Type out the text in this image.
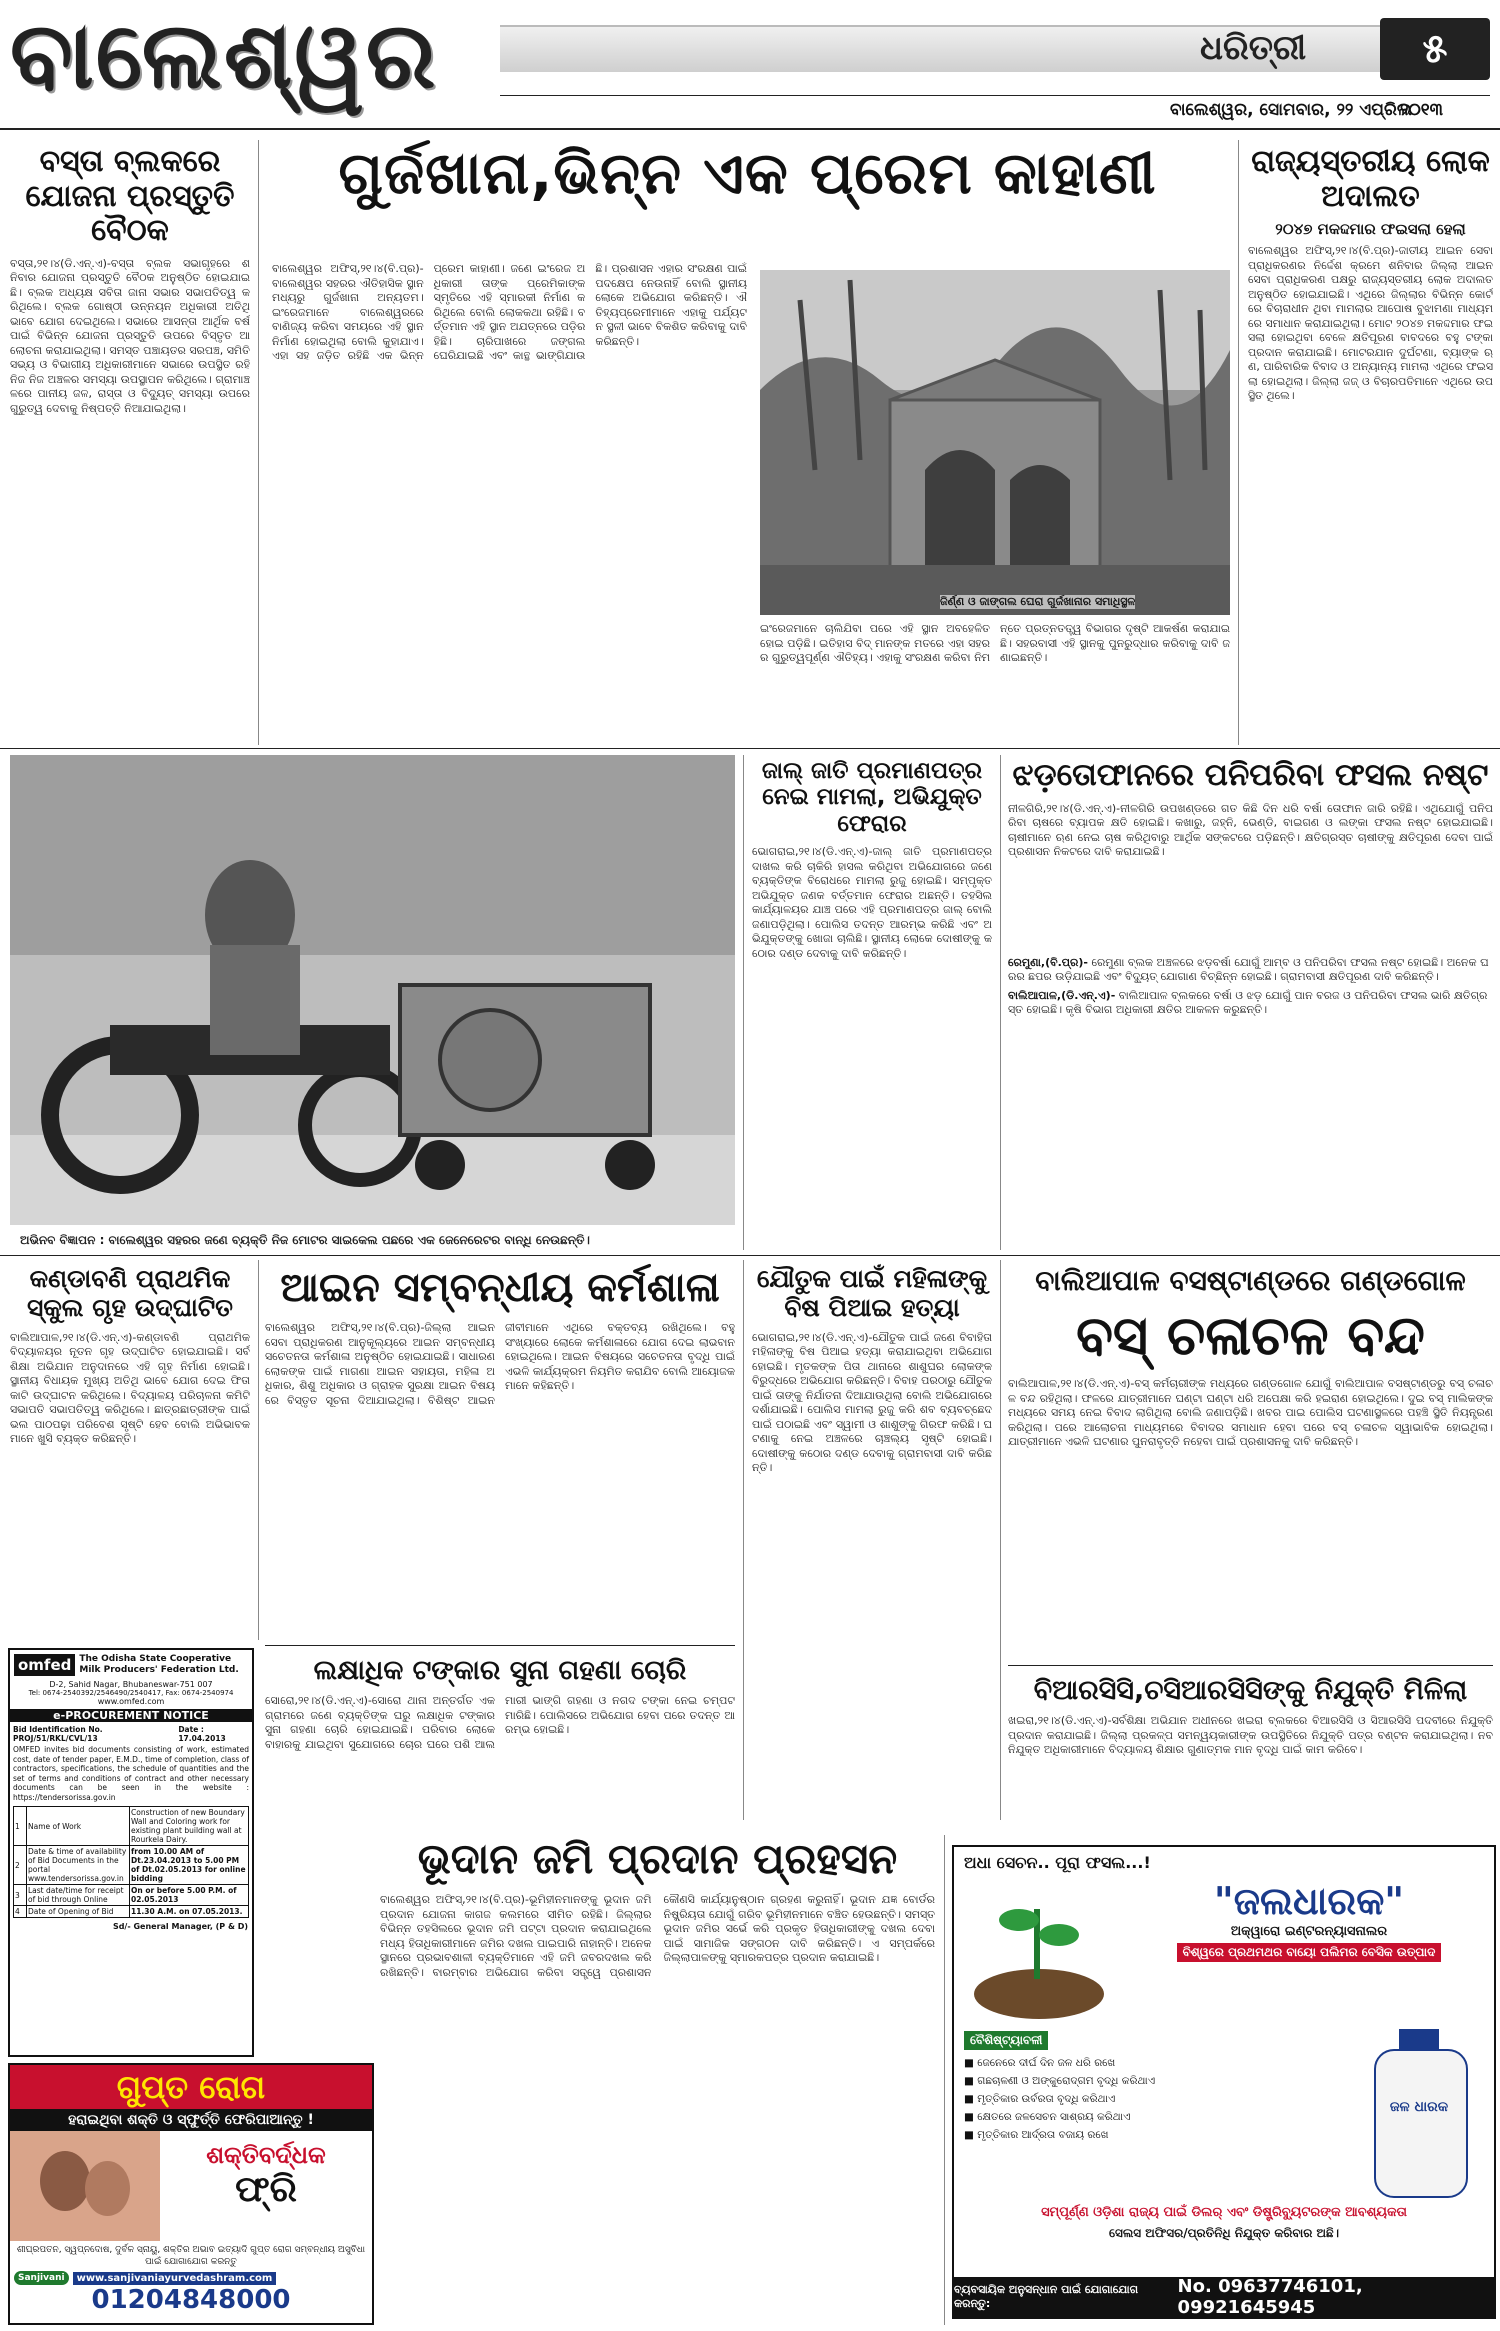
ବାଲେଶ୍ୱର	ଧରିତ୍ରୀ	୫
ବାଲେଶ୍ୱର, ସୋମବାର, ୨୨ ଏପ୍ରିଲ
୨୦୧୩
ବସ୍ତା ବ୍ଲକରେ ଯୋଜନା ପ୍ରସ୍ତୁତି ବୈଠକ
ବସ୍ତା,୨୧।୪(ଡି.ଏନ୍.ଏ)-ବସ୍ତା ବ୍ଲକ ସଭାଗୃହରେ ଶନିବାର ଯୋଜନା ପ୍ରସ୍ତୁତି ବୈଠକ ଅନୁଷ୍ଠିତ ହୋଇଯାଇଛି। ବ୍ଲକ ଅଧ୍ୟକ୍ଷ ସବିତା ଜାନା ସଭାର ସଭାପତିତ୍ୱ କରିଥିଲେ। ବ୍ଲକ ଗୋଷ୍ଠୀ ଉନ୍ନୟନ ଅଧିକାରୀ ଅତିଥି ଭାବେ ଯୋଗ ଦେଇଥିଲେ। ସଭାରେ ଆସନ୍ତା ଆର୍ଥିକ ବର୍ଷ ପାଇଁ ବିଭିନ୍ନ ଯୋଜନା ପ୍ରସ୍ତୁତି ଉପରେ ବିସ୍ତୃତ ଆଲୋଚନା କରାଯାଇଥିଲା। ସମସ୍ତ ପଞ୍ଚାୟତର ସରପଞ୍ଚ, ସମିତି ସଭ୍ୟ ଓ ବିଭାଗୀୟ ଅଧିକାରୀମାନେ ସଭାରେ ଉପସ୍ଥିତ ରହି ନିଜ ନିଜ ଅଞ୍ଚଳର ସମସ୍ୟା ଉପସ୍ଥାପନ କରିଥିଲେ। ଗ୍ରାମାଞ୍ଚଳରେ ପାନୀୟ ଜଳ, ରାସ୍ତା ଓ ବିଦ୍ୟୁତ୍ ସମସ୍ୟା ଉପରେ ଗୁରୁତ୍ୱ ଦେବାକୁ ନିଷ୍ପତ୍ତି ନିଆଯାଇଥିଲା।
ଗୁର୍ଜଖାନା,ଭିନ୍ନ ଏକ ପ୍ରେମ କାହାଣୀ
ବାଲେଶ୍ୱର ଅଫିସ୍,୨୧।୪(ବି.ପ୍ର)-ବାଲେଶ୍ୱର ସହରର ଐତିହାସିକ ସ୍ଥାନ ମଧ୍ୟରୁ ଗୁର୍ଜଖାନା ଅନ୍ୟତମ। ଇଂରେଜମାନେ ବାଲେଶ୍ୱରରେ ବାଣିଜ୍ୟ କରିବା ସମୟରେ ଏହି ସ୍ଥାନ ନିର୍ମାଣ ହୋଇଥିଲା ବୋଲି କୁହାଯାଏ। ଏହା ସହ ଜଡ଼ିତ ରହିଛି ଏକ ଭିନ୍ନ ପ୍ରେମ କାହାଣୀ। ଜଣେ ଇଂରେଜ ଅଧିକାରୀ ତାଙ୍କ ପ୍ରେମିକାଙ୍କ ସ୍ମୃତିରେ ଏହି ସ୍ମାରକୀ ନିର୍ମାଣ କରିଥିଲେ ବୋଲି ଲୋକକଥା ରହିଛି। ବର୍ତ୍ତମାନ ଏହି ସ୍ଥାନ ଅଯତ୍ନରେ ପଡ଼ିରହିଛି। ଚାରିପାଖରେ ଜଙ୍ଗଲ ଘେରିଯାଇଛି ଏବଂ କାନ୍ଥ ଭାଙ୍ଗିଯାଉଛି। ପ୍ରଶାସନ ଏହାର ସଂରକ୍ଷଣ ପାଇଁ ପଦକ୍ଷେପ ନେଉନାହିଁ ବୋଲି ସ୍ଥାନୀୟ ଲୋକେ ଅଭିଯୋଗ କରିଛନ୍ତି। ଐତିହ୍ୟପ୍ରେମୀମାନେ ଏହାକୁ ପର୍ଯ୍ୟଟନ ସ୍ଥଳୀ ଭାବେ ବିକଶିତ କରିବାକୁ ଦାବି କରିଛନ୍ତି।
ଜିର୍ଣ୍ଣ ଓ ଜାଙ୍ଗଲ ଘେରା ଗୁର୍ଜଖାନାର ସମାଧିସ୍ଥଳ
ଇଂରେଜମାନେ ଚାଲିଯିବା ପରେ ଏହି ସ୍ଥାନ ଅବହେଳିତ ହୋଇ ପଡ଼ିଛି। ଇତିହାସ ବିଦ୍ ମାନଙ୍କ ମତରେ ଏହା ସହରର ଗୁରୁତ୍ୱପୂର୍ଣ୍ଣ ଐତିହ୍ୟ। ଏହାକୁ ସଂରକ୍ଷଣ କରିବା ନିମନ୍ତେ ପ୍ରତ୍ନତତ୍ତ୍ୱ ବିଭାଗର ଦୃଷ୍ଟି ଆକର୍ଷଣ କରାଯାଇଛି। ସହରବାସୀ ଏହି ସ୍ଥାନକୁ ପୁନରୁଦ୍ଧାର କରିବାକୁ ଦାବି ଜଣାଇଛନ୍ତି।
ରାଜ୍ୟସ୍ତରୀୟ ଲୋକ ଅଦାଲତ
୨୦୪୭ ମକଦ୍ଦମାର ଫଇସଲା ହେଲା
ବାଲେଶ୍ୱର ଅଫିସ୍,୨୧।୪(ବି.ପ୍ର)-ଜାତୀୟ ଆଇନ ସେବା ପ୍ରାଧିକରଣର ନିର୍ଦ୍ଦେଶ କ୍ରମେ ଶନିବାର ଜିଲ୍ଲା ଆଇନ ସେବା ପ୍ରାଧିକରଣ ପକ୍ଷରୁ ରାଜ୍ୟସ୍ତରୀୟ ଲୋକ ଅଦାଲତ ଅନୁଷ୍ଠିତ ହୋଇଯାଇଛି। ଏଥିରେ ଜିଲ୍ଲାର ବିଭିନ୍ନ କୋର୍ଟରେ ବିଚାରାଧୀନ ଥିବା ମାମଲାର ଆପୋଷ ବୁଝାମଣା ମାଧ୍ୟମରେ ସମାଧାନ କରାଯାଇଥିଲା। ମୋଟ ୨୦୪୭ ମକଦ୍ଦମାର ଫଇସଲା ହୋଇଥିବା ବେଳେ କ୍ଷତିପୂରଣ ବାବଦରେ ବହୁ ଟଙ୍କା ପ୍ରଦାନ କରାଯାଇଛି। ମୋଟରଯାନ ଦୁର୍ଘଟଣା, ବ୍ୟାଙ୍କ ଋଣ, ପାରିବାରିକ ବିବାଦ ଓ ଅନ୍ୟାନ୍ୟ ମାମଲା ଏଥିରେ ଫଇସଲା ହୋଇଥିଲା। ଜିଲ୍ଲା ଜଜ୍ ଓ ବିଚାରପତିମାନେ ଏଥିରେ ଉପସ୍ଥିତ ଥିଲେ।
ଅଭିନବ ବିଜ୍ଞାପନ : ବାଲେଶ୍ୱର ସହରର ଜଣେ ବ୍ୟକ୍ତି ନିଜ ମୋଟର ସାଇକେଲ ପଛରେ ଏକ ଜେନେରେଟର ବାନ୍ଧି ନେଉଛନ୍ତି।
ଜାଲ୍ ଜାତି ପ୍ରମାଣପତ୍ର ନେଇ ମାମଲା, ଅଭିଯୁକ୍ତ ଫେରାର
ଭୋଗରାଇ,୨୧।୪(ଡି.ଏନ୍.ଏ)-ଜାଲ୍ ଜାତି ପ୍ରମାଣପତ୍ର ଦାଖଲ କରି ଚାକିରି ହାସଲ କରିଥିବା ଅଭିଯୋଗରେ ଜଣେ ବ୍ୟକ୍ତିଙ୍କ ବିରୋଧରେ ମାମଲା ରୁଜୁ ହୋଇଛି। ସମ୍ପୃକ୍ତ ଅଭିଯୁକ୍ତ ଜଣକ ବର୍ତ୍ତମାନ ଫେରାର ଅଛନ୍ତି। ତହସିଲ କାର୍ଯ୍ୟାଳୟର ଯାଞ୍ଚ ପରେ ଏହି ପ୍ରମାଣପତ୍ର ଜାଲ୍ ବୋଲି ଜଣାପଡ଼ିଥିଲା। ପୋଲିସ ତଦନ୍ତ ଆରମ୍ଭ କରିଛି ଏବଂ ଅଭିଯୁକ୍ତଙ୍କୁ ଖୋଜା ଚାଲିଛି। ସ୍ଥାନୀୟ ଲୋକେ ଦୋଷୀଙ୍କୁ କଠୋର ଦଣ୍ଡ ଦେବାକୁ ଦାବି କରିଛନ୍ତି।
ଝଡ଼ତୋଫାନରେ ପନିପରିବା ଫସଲ ନଷ୍ଟ
ନୀଳଗିରି,୨୧।୪(ଡି.ଏନ୍.ଏ)-ନୀଳଗିରି ଉପଖଣ୍ଡରେ ଗତ କିଛି ଦିନ ଧରି ବର୍ଷା ତୋଫାନ ଜାରି ରହିଛି। ଏଥିଯୋଗୁଁ ପନିପରିବା ଚାଷରେ ବ୍ୟାପକ କ୍ଷତି ହୋଇଛି। କଖାରୁ, ଜହ୍ନି, ଭେଣ୍ଡି, ବାଇଗଣ ଓ ଲଙ୍କା ଫସଲ ନଷ୍ଟ ହୋଇଯାଇଛି। ଚାଷୀମାନେ ଋଣ ନେଇ ଚାଷ କରିଥିବାରୁ ଆର୍ଥିକ ସଙ୍କଟରେ ପଡ଼ିଛନ୍ତି। କ୍ଷତିଗ୍ରସ୍ତ ଚାଷୀଙ୍କୁ କ୍ଷତିପୂରଣ ଦେବା ପାଇଁ ପ୍ରଶାସନ ନିକଟରେ ଦାବି କରାଯାଇଛି।
ରେମୁଣା,(ବି.ପ୍ର)- ରେମୁଣା ବ୍ଲକ ଅଞ୍ଚଳରେ ଝଡ଼ବର୍ଷା ଯୋଗୁଁ ଆମ୍ବ ଓ ପନିପରିବା ଫସଲ ନଷ୍ଟ ହୋଇଛି। ଅନେକ ଘରର ଛପର ଉଡ଼ିଯାଇଛି ଏବଂ ବିଦ୍ୟୁତ୍ ଯୋଗାଣ ବିଚ୍ଛିନ୍ନ ହୋଇଛି। ଗ୍ରାମବାସୀ କ୍ଷତିପୂରଣ ଦାବି କରିଛନ୍ତି।
ବାଲିଆପାଳ,(ଡି.ଏନ୍.ଏ)- ବାଲିଆପାଳ ବ୍ଲକରେ ବର୍ଷା ଓ ଝଡ଼ ଯୋଗୁଁ ପାନ ବରଜ ଓ ପନିପରିବା ଫସଲ ଭାରି କ୍ଷତିଗ୍ରସ୍ତ ହୋଇଛି। କୃଷି ବିଭାଗ ଅଧିକାରୀ କ୍ଷତିର ଆକଳନ କରୁଛନ୍ତି।
କଣ୍ଡାବଣି ପ୍ରାଥମିକ ସ୍କୁଲ ଗୃହ ଉଦ୍‌ଘାଟିତ
ବାଲିଆପାଳ,୨୧।୪(ଡି.ଏନ୍.ଏ)-କଣ୍ଡାବଣି ପ୍ରାଥମିକ ବିଦ୍ୟାଳୟର ନୂତନ ଗୃହ ଉଦ୍‌ଘାଟିତ ହୋଇଯାଇଛି। ସର୍ବଶିକ୍ଷା ଅଭିଯାନ ଅନୁଦାନରେ ଏହି ଗୃହ ନିର୍ମାଣ ହୋଇଛି। ସ୍ଥାନୀୟ ବିଧାୟକ ମୁଖ୍ୟ ଅତିଥି ଭାବେ ଯୋଗ ଦେଇ ଫିତା କାଟି ଉଦ୍‌ଘାଟନ କରିଥିଲେ। ବିଦ୍ୟାଳୟ ପରିଚାଳନା କମିଟି ସଭାପତି ସଭାପତିତ୍ୱ କରିଥିଲେ। ଛାତ୍ରଛାତ୍ରୀଙ୍କ ପାଇଁ ଭଲ ପାଠପଢ଼ା ପରିବେଶ ସୃଷ୍ଟି ହେବ ବୋଲି ଅଭିଭାବକମାନେ ଖୁସି ବ୍ୟକ୍ତ କରିଛନ୍ତି।
ଆଇନ ସମ୍ବନ୍ଧୀୟ କର୍ମଶାଳା
ବାଲେଶ୍ୱର ଅଫିସ୍,୨୧।୪(ବି.ପ୍ର)-ଜିଲ୍ଲା ଆଇନ ସେବା ପ୍ରାଧିକରଣ ଆନୁକୂଲ୍ୟରେ ଆଇନ ସମ୍ବନ୍ଧୀୟ ସଚେତନତା କର୍ମଶାଳା ଅନୁଷ୍ଠିତ ହୋଇଯାଇଛି। ସାଧାରଣ ଲୋକଙ୍କ ପାଇଁ ମାଗଣା ଆଇନ ସହାୟତା, ମହିଳା ଅଧିକାର, ଶିଶୁ ଅଧିକାର ଓ ଗ୍ରାହକ ସୁରକ୍ଷା ଆଇନ ବିଷୟରେ ବିସ୍ତୃତ ସୂଚନା ଦିଆଯାଇଥିଲା। ବିଶିଷ୍ଟ ଆଇନଜୀବୀମାନେ ଏଥିରେ ବକ୍ତବ୍ୟ ରଖିଥିଲେ। ବହୁ ସଂଖ୍ୟାରେ ଲୋକେ କର୍ମଶାଳାରେ ଯୋଗ ଦେଇ ଲାଭବାନ ହୋଇଥିଲେ। ଆଇନ ବିଷୟରେ ସଚେତନତା ବୃଦ୍ଧି ପାଇଁ ଏଭଳି କାର୍ଯ୍ୟକ୍ରମ ନିୟମିତ କରାଯିବ ବୋଲି ଆୟୋଜକମାନେ କହିଛନ୍ତି।
ଯୌତୁକ ପାଇଁ ମହିଳାଙ୍କୁ ବିଷ ପିଆଇ ହତ୍ୟା
ଭୋଗରାଇ,୨୧।୪(ଡି.ଏନ୍.ଏ)-ଯୌତୁକ ପାଇଁ ଜଣେ ବିବାହିତା ମହିଳାଙ୍କୁ ବିଷ ପିଆଇ ହତ୍ୟା କରାଯାଇଥିବା ଅଭିଯୋଗ ହୋଇଛି। ମୃତକଙ୍କ ପିତା ଥାନାରେ ଶାଶୁଘର ଲୋକଙ୍କ ବିରୁଦ୍ଧରେ ଅଭିଯୋଗ କରିଛନ୍ତି। ବିବାହ ପରଠାରୁ ଯୌତୁକ ପାଇଁ ତାଙ୍କୁ ନିର୍ଯାତନା ଦିଆଯାଉଥିଲା ବୋଲି ଅଭିଯୋଗରେ ଦର୍ଶାଯାଇଛି। ପୋଲିସ ମାମଲା ରୁଜୁ କରି ଶବ ବ୍ୟବଚ୍ଛେଦ ପାଇଁ ପଠାଇଛି ଏବଂ ସ୍ୱାମୀ ଓ ଶାଶୁଙ୍କୁ ଗିରଫ କରିଛି। ଘଟଣାକୁ ନେଇ ଅଞ୍ଚଳରେ ଚାଞ୍ଚଲ୍ୟ ସୃଷ୍ଟି ହୋଇଛି। ଦୋଷୀଙ୍କୁ କଠୋର ଦଣ୍ଡ ଦେବାକୁ ଗ୍ରାମବାସୀ ଦାବି କରିଛନ୍ତି।
ବାଲିଆପାଳ ବସଷ୍ଟାଣ୍ଡରେ ଗଣ୍ଡଗୋଳ
ବସ୍ ଚଳାଚଳ ବନ୍ଦ
ବାଲିଆପାଳ,୨୧।୪(ଡି.ଏନ୍.ଏ)-ବସ୍ କର୍ମଚାରୀଙ୍କ ମଧ୍ୟରେ ଗଣ୍ଡଗୋଳ ଯୋଗୁଁ ବାଲିଆପାଳ ବସଷ୍ଟାଣ୍ଡରୁ ବସ୍ ଚଳାଚଳ ବନ୍ଦ ରହିଥିଲା। ଫଳରେ ଯାତ୍ରୀମାନେ ଘଣ୍ଟା ଘଣ୍ଟା ଧରି ଅପେକ୍ଷା କରି ହଇରାଣ ହୋଇଥିଲେ। ଦୁଇ ବସ୍ ମାଲିକଙ୍କ ମଧ୍ୟରେ ସମୟ ନେଇ ବିବାଦ ଲାଗିଥିଲା ବୋଲି ଜଣାପଡ଼ିଛି। ଖବର ପାଇ ପୋଲିସ ଘଟଣାସ୍ଥଳରେ ପହଞ୍ଚି ସ୍ଥିତି ନିୟନ୍ତ୍ରଣ କରିଥିଲା। ପରେ ଆଲୋଚନା ମାଧ୍ୟମରେ ବିବାଦର ସମାଧାନ ହେବା ପରେ ବସ୍ ଚଳାଚଳ ସ୍ୱାଭାବିକ ହୋଇଥିଲା। ଯାତ୍ରୀମାନେ ଏଭଳି ଘଟଣାର ପୁନରାବୃତ୍ତି ନହେବା ପାଇଁ ପ୍ରଶାସନକୁ ଦାବି କରିଛନ୍ତି।
ଲକ୍ଷାଧିକ ଟଙ୍କାର ସୁନା ଗହଣା ଚୋରି
ସୋରୋ,୨୧।୪(ଡି.ଏନ୍.ଏ)-ସୋରୋ ଥାନା ଅନ୍ତର୍ଗତ ଏକ ଗ୍ରାମରେ ଜଣେ ବ୍ୟକ୍ତିଙ୍କ ଘରୁ ଲକ୍ଷାଧିକ ଟଙ୍କାର ସୁନା ଗହଣା ଚୋରି ହୋଇଯାଇଛି। ପରିବାର ଲୋକେ ବାହାରକୁ ଯାଇଥିବା ସୁଯୋଗରେ ଚୋର ଘରେ ପଶି ଆଲମାରୀ ଭାଙ୍ଗି ଗହଣା ଓ ନଗଦ ଟଙ୍କା ନେଇ ଚମ୍ପଟ ମାରିଛି। ପୋଲିସରେ ଅଭିଯୋଗ ହେବା ପରେ ତଦନ୍ତ ଆରମ୍ଭ ହୋଇଛି।
ବିଆରସିସି,ଚସିଆରସିସିଙ୍କୁ ନିଯୁକ୍ତି ମିଳିଲା
ଖଇରା,୨୧।୪(ଡି.ଏନ୍.ଏ)-ସର୍ବଶିକ୍ଷା ଅଭିଯାନ ଅଧୀନରେ ଖଇରା ବ୍ଲକରେ ବିଆରସିସି ଓ ସିଆରସିସି ପଦବୀରେ ନିଯୁକ୍ତି ପ୍ରଦାନ କରାଯାଇଛି। ଜିଲ୍ଲା ପ୍ରକଳ୍ପ ସମନ୍ୱୟକାରୀଙ୍କ ଉପସ୍ଥିତିରେ ନିଯୁକ୍ତି ପତ୍ର ବଣ୍ଟନ କରାଯାଇଥିଲା। ନବନିଯୁକ୍ତ ଅଧିକାରୀମାନେ ବିଦ୍ୟାଳୟ ଶିକ୍ଷାର ଗୁଣାତ୍ମକ ମାନ ବୃଦ୍ଧି ପାଇଁ କାମ କରିବେ।
omfed The Odisha State Cooperative Milk Producers' Federation Ltd.
D-2, Sahid Nagar, Bhubaneswar-751 007
Tel: 0674-2540392/2546490/2540417, Fax: 0674-2540974
www.omfed.com
e-PROCUREMENT NOTICE
Bid Identification No. PROJ/51/RKL/CVL/13
Date : 17.04.2013
OMFED invites bid documents consisting of work, estimated cost, date of tender paper, E.M.D., time of completion, class of contractors, specifications, the schedule of quantities and the set of terms and conditions of contract and other necessary documents can be seen in the website : https://tendersorissa.gov.in
1	Name of Work	Construction of new Boundary Wall and Coloring work for existing plant building wall at Rourkela Dairy.
2	Date & time of availability of Bid Documents in the portal www.tendersorissa.gov.in	from 10.00 AM of Dt.23.04.2013 to 5.00 PM of Dt.02.05.2013 for online bidding
3	Last date/time for receipt of bid through Online	On or before 5.00 P.M. of 02.05.2013
4	Date of Opening of Bid	11.30 A.M. on 07.05.2013.
Sd/- General Manager, (P & D)
ଗୁପ୍ତ ରୋଗ
ହରାଇଥିବା ଶକ୍ତି ଓ ସ୍ଫୁର୍ତ୍ତି ଫେରିପାଆନ୍ତୁ !
ଶକ୍ତିବର୍ଦ୍ଧକ
ଫ୍ରି
ଶୀଘ୍ରପତନ, ସ୍ୱପ୍ନଦୋଷ, ଦୁର୍ବଳ ସ୍ନାୟୁ, ଶକ୍ତିର ଅଭାବ ଇତ୍ୟାଦି ଗୁପ୍ତ ରୋଗ ସମ୍ବନ୍ଧୀୟ ଅସୁବିଧା ପାଇଁ ଯୋଗାଯୋଗ କରନ୍ତୁ
Sanjivani	www.sanjivaniayurvedashram.com
01204848000
ଭୂଦାନ ଜମି ପ୍ରଦାନ ପ୍ରହସନ
ବାଲେଶ୍ୱର ଅଫିସ୍,୨୧।୪(ବି.ପ୍ର)-ଭୂମିହୀନମାନଙ୍କୁ ଭୂଦାନ ଜମି ପ୍ରଦାନ ଯୋଜନା କାଗଜ କଲମରେ ସୀମିତ ରହିଛି। ଜିଲ୍ଲାର ବିଭିନ୍ନ ତହସିଲରେ ଭୂଦାନ ଜମି ପଟ୍ଟା ପ୍ରଦାନ କରାଯାଇଥିଲେ ମଧ୍ୟ ହିତାଧିକାରୀମାନେ ଜମିର ଦଖଲ ପାଇପାରି ନାହାନ୍ତି। ଅନେକ ସ୍ଥାନରେ ପ୍ରଭାବଶାଳୀ ବ୍ୟକ୍ତିମାନେ ଏହି ଜମି ଜବରଦଖଲ କରି ରଖିଛନ୍ତି। ବାରମ୍ବାର ଅଭିଯୋଗ କରିବା ସତ୍ତ୍ୱେ ପ୍ରଶାସନ କୌଣସି କାର୍ଯ୍ୟାନୁଷ୍ଠାନ ଗ୍ରହଣ କରୁନାହିଁ। ଭୂଦାନ ଯଜ୍ଞ ବୋର୍ଡର ନିଷ୍କ୍ରିୟତା ଯୋଗୁଁ ଗରିବ ଭୂମିହୀନମାନେ ବଞ୍ଚିତ ହେଉଛନ୍ତି। ସମସ୍ତ ଭୂଦାନ ଜମିର ସର୍ଭେ କରି ପ୍ରକୃତ ହିତାଧିକାରୀଙ୍କୁ ଦଖଲ ଦେବା ପାଇଁ ସାମାଜିକ ସଙ୍ଗଠନ ଦାବି କରିଛନ୍ତି। ଏ ସମ୍ପର୍କରେ ଜିଲ୍ଲାପାଳଙ୍କୁ ସ୍ମାରକପତ୍ର ପ୍ରଦାନ କରାଯାଇଛି।
ଅଧା ସେଚନ.. ପୂରା ଫସଲ...!
"ଜଲଧାରକ"
ଅକ୍ୱାରୋ ଇଣ୍ଟରନ୍ୟାସନାଲର
ବିଶ୍ୱରେ ପ୍ରଥମଥର ବାୟୋ ପଲିମର ବେସିକ ଉତ୍ପାଦ
ବୈଶିଷ୍ଟ୍ୟାବଳୀ
■ ଜେନେରେ ଦୀର୍ଘ ଦିନ ଜଳ ଧରି ରଖେ
■ ଗଛଚାଳଣୀ ଓ ଅଙ୍କୁରୋଦ୍‌ଗମ ବୃଦ୍ଧି କରିଥାଏ
■ ମୃତ୍ତିକାର ଉର୍ବରତା ବୃଦ୍ଧି କରିଥାଏ
■ କ୍ଷେତରେ ଜଳସେଚନ ସାଶ୍ରୟ କରିଥାଏ
■ ମୃତ୍ତିକାର ଆର୍ଦ୍ରତା ବଜାୟ ରଖେ
ଜଳ ଧାରକ
ସମ୍ପୂର୍ଣ୍ଣ ଓଡ଼ିଶା ରାଜ୍ୟ ପାଇଁ ଡିଲର୍ ଏବଂ ଡିଷ୍ଟ୍ରିବ୍ୟୁଟରଙ୍କ ଆବଶ୍ୟକତା
ସେଲସ ଅଫିସର/ପ୍ରତିନିଧି ନିଯୁକ୍ତ କରିବାର ଅଛି।
ବ୍ୟବସାୟିକ ଅନୁସନ୍ଧାନ ପାଇଁ ଯୋଗାଯୋଗ କରନ୍ତୁ:
No. 09637746101, 09921645945
